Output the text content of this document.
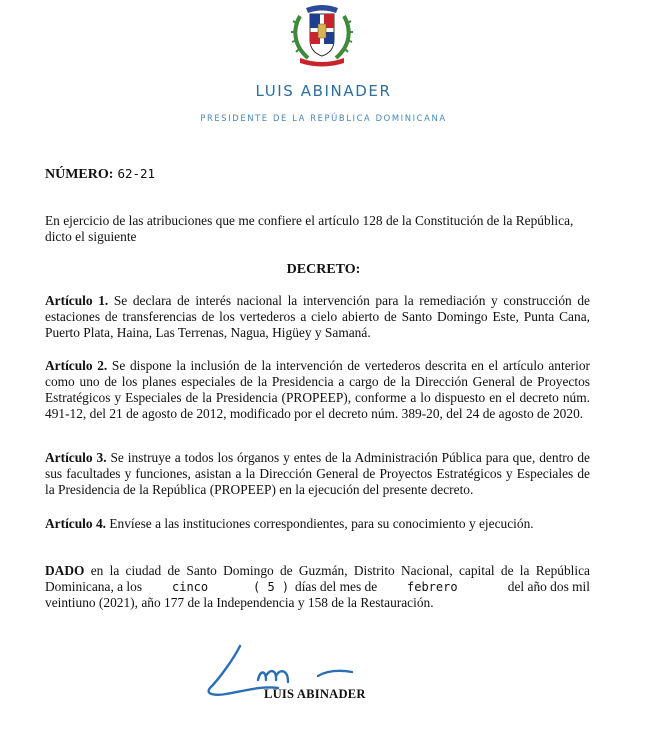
LUIS ABINADER
PRESIDENTE DE LA REPÚBLICA DOMINICANA
NÚMERO: 62-21
En ejercicio de las atribuciones que me confiere el artículo 128 de la Constitución de la República,
dicto el siguiente
DECRETO:
Artículo 1. Se declara de interés nacional la intervención para la remediación y construcción de estaciones de transferencias de los vertederos a cielo abierto de Santo Domingo Este, Punta Cana, Puerto Plata, Haina, Las Terrenas, Nagua, Higüey y Samaná.
Artículo 2. Se dispone la inclusión de la intervención de vertederos descrita en el artículo anterior como uno de los planes especiales de la Presidencia a cargo de la Dirección General de Proyectos Estratégicos y Especiales de la Presidencia (PROPEEP), conforme a lo dispuesto en el decreto núm. 491-12, del 21 de agosto de 2012, modificado por el decreto núm. 389-20, del 24 de agosto de 2020.
Artículo 3. Se instruye a todos los órganos y entes de la Administración Pública para que, dentro de sus facultades y funciones, asistan a la Dirección General de Proyectos Estratégicos y Especiales de la Presidencia de la República (PROPEEP) en la ejecución del presente decreto.
Artículo 4. Envíese a las instituciones correspondientes, para su conocimiento y ejecución.
DADO en la ciudad de Santo Domingo de Guzmán, Distrito Nacional, capital de la República
Dominicana, a los cinco	( 5 ) días del mes de febrero	del año dos mil
veintiuno (2021), año 177 de la Independencia y 158 de la Restauración.
LUIS ABINADER
